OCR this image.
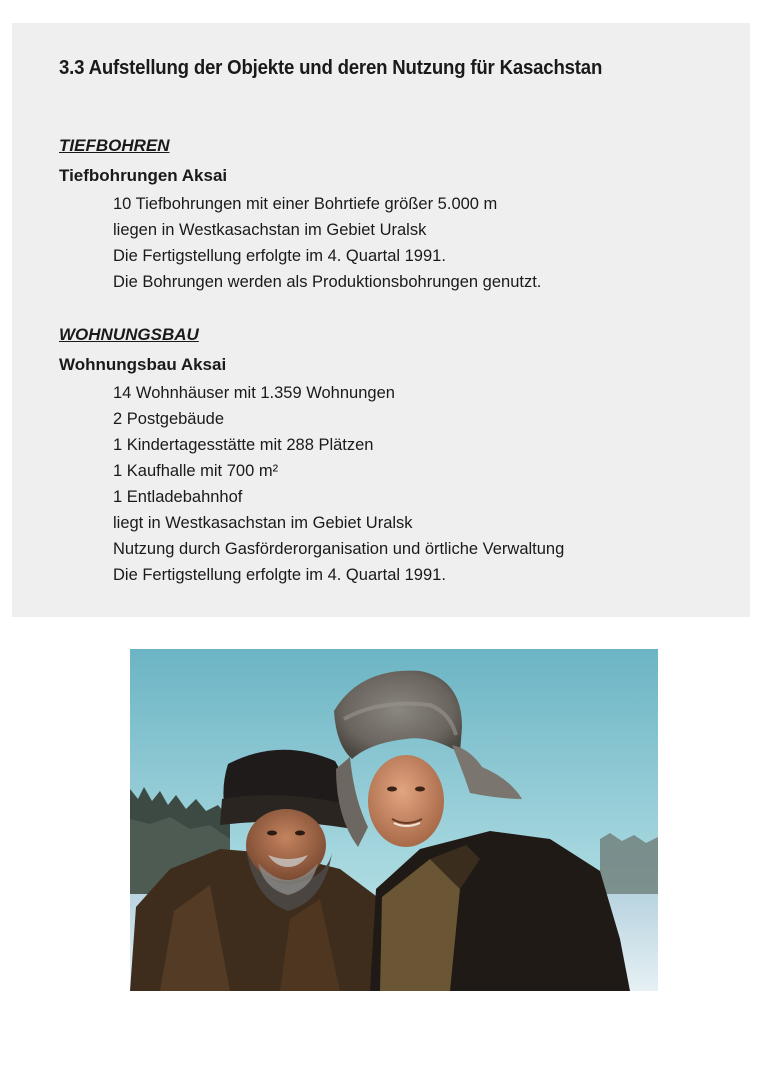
3.3 Aufstellung der Objekte und deren Nutzung für Kasachstan
TIEFBOHREN
Tiefbohrungen Aksai
10 Tiefbohrungen mit einer Bohrtiefe größer 5.000 m
liegen in Westkasachstan im Gebiet Uralsk
Die Fertigstellung erfolgte im 4. Quartal 1991.
Die Bohrungen werden als Produktionsbohrungen genutzt.
WOHNUNGSBAU
Wohnungsbau Aksai
14 Wohnhäuser mit 1.359 Wohnungen
2 Postgebäude
1 Kindertagesstätte mit 288 Plätzen
1 Kaufhalle mit 700 m²
1 Entladebahnhof
liegt in Westkasachstan im Gebiet Uralsk
Nutzung durch Gasförderorganisation und örtliche Verwaltung
Die Fertigstellung erfolgte im 4. Quartal 1991.
